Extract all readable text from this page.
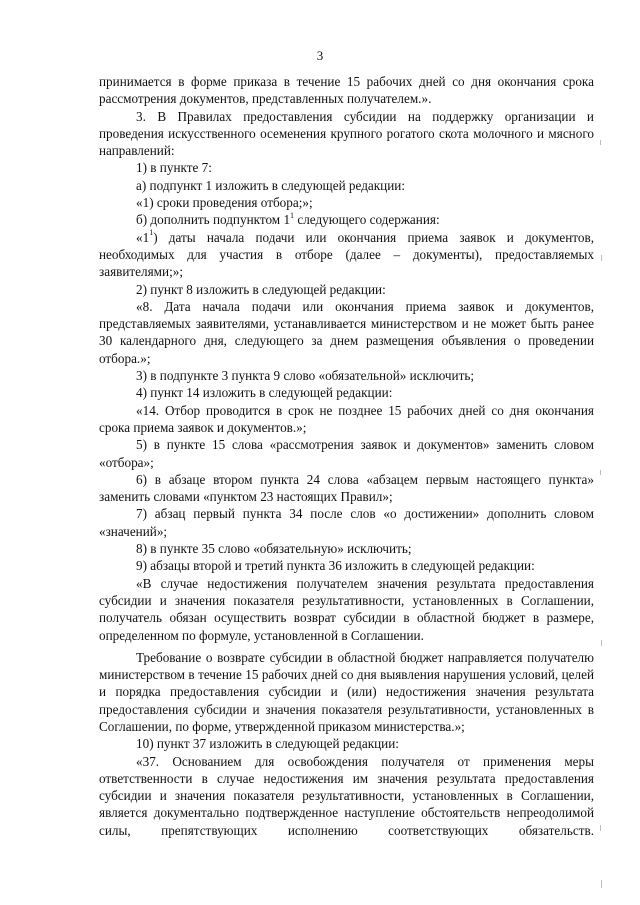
3

принимается в форме приказа в течение 15 рабочих дней со дня окончания срока рассмотрения документов, представленных получателем.».

3. В Правилах предоставления субсидии на поддержку организации и проведения искусственного осеменения крупного рогатого скота молочного и мясного направлений:

1) в пункте 7:

а) подпункт 1 изложить в следующей редакции:

«1) сроки проведения отбора;»;

б) дополнить подпунктом $1^1$ следующего содержания:

«$1^1$) даты начала подачи или окончания приема заявок и документов, необходимых для участия в отборе (далее – документы), предоставляемых заявителями;»;

2) пункт 8 изложить в следующей редакции:

«8. Дата начала подачи или окончания приема заявок и документов, представляемых заявителями, устанавливается министерством и не может быть ранее 30 календарного дня, следующего за днем размещения объявления о проведении отбора.»;

3) в подпункте 3 пункта 9 слово «обязательной» исключить;

4) пункт 14 изложить в следующей редакции:

«14. Отбор проводится в срок не позднее 15 рабочих дней со дня окончания срока приема заявок и документов.»;

5) в пункте 15 слова «рассмотрения заявок и документов» заменить словом «отбора»;

6) в абзаце втором пункта 24 слова «абзацем первым настоящего пункта» заменить словами «пунктом 23 настоящих Правил»;

7) абзац первый пункта 34 после слов «о достижении» дополнить словом «значений»;

8) в пункте 35 слово «обязательную» исключить;

9) абзацы второй и третий пункта 36 изложить в следующей редакции:

«В случае недостижения получателем значения результата предоставления субсидии и значения показателя результативности, установленных в Соглашении, получатель обязан осуществить возврат субсидии в областной бюджет в размере, определенном по формуле, установленной в Соглашении.

Требование о возврате субсидии в областной бюджет направляется получателю министерством в течение 15 рабочих дней со дня выявления нарушения условий, целей и порядка предоставления субсидии и (или) недостижения значения результата предоставления субсидии и значения показателя результативности, установленных в Соглашении, по форме, утвержденной приказом министерства.»;

10) пункт 37 изложить в следующей редакции:

«37. Основанием для освобождения получателя от применения меры ответственности в случае недостижения им значения результата предоставления субсидии и значения показателя результативности, установленных в Соглашении, является документально подтвержденное наступление обстоятельств непреодолимой силы, препятствующих исполнению соответствующих обязательств.
